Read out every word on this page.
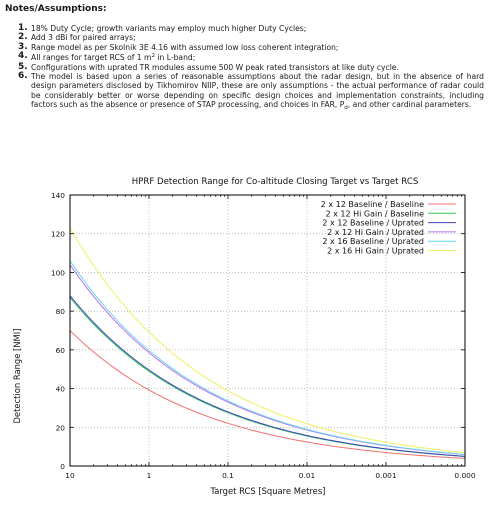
Notes/Assumptions:
18% Duty Cycle; growth variants may employ much higher Duty Cycles;
Add 3 dBi for paired arrays;
Range model as per Skolnik 3E 4.16 with assumed low loss coherent integration;
All ranges for target RCS of 1 $m^2$ in L-band;
Configurations with uprated TR modules assume 500 W peak rated transistors at like duty cycle.
The model is based upon a series of reasonable assumptions about the radar design, but in the absence of hard design parameters disclosed by Tikhomirov NIIP, these are only assumptions - the actual performance of radar could be considerably better or worse depending on specific design choices and implementation constraints, including factors such as the absence or presence of STAP processing, and choices in FAR, $P_d$, and other cardinal parameters.
HPRF Detection Range for Co-altitude Closing Target vs Target RCS
Target RCS [Square Metres]
Detection Range [NMI]
0
20
40
60
80
100
120
140
10	1	0.1	0.01	0.001	0.000
2 x 12 Baseline / Baseline
2 x 12 Hi Gain / Baseline
2 x 12 Baseline / Uprated
2 x 12 Hi Gain / Uprated
2 x 16 Baseline / Uprated
2 x 16 Hi Gain / Uprated
